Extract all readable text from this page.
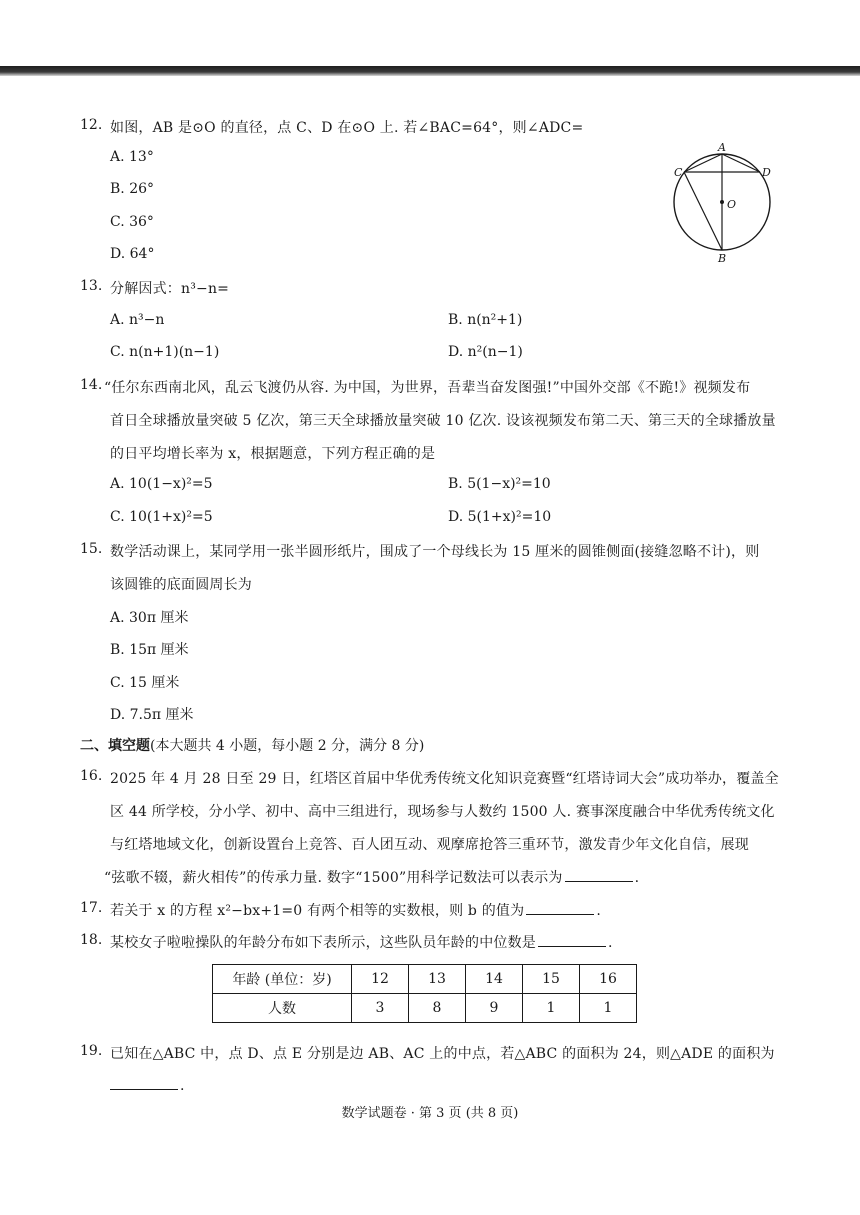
12. 如图，AB 是⊙O 的直径，点 C、D 在⊙O 上. 若∠BAC=64°，则∠ADC=
A. 13°
B. 26°
C. 36°
D. 64°
A
C	D
O
B
13. 分解因式：n³−n=
A. n³−n	B. n(n²+1)
C. n(n+1)(n−1)	D. n²(n−1)
14. “任尔东西南北风，乱云飞渡仍从容. 为中国，为世界，吾辈当奋发图强!”中国外交部《不跪!》视频发布
首日全球播放量突破 5 亿次，第三天全球播放量突破 10 亿次. 设该视频发布第二天、第三天的全球播放量
的日平均增长率为 x，根据题意，下列方程正确的是
A. 10(1−x)²=5	B. 5(1−x)²=10
C. 10(1+x)²=5	D. 5(1+x)²=10
15. 数学活动课上，某同学用一张半圆形纸片，围成了一个母线长为 15 厘米的圆锥侧面(接缝忽略不计)，则
该圆锥的底面圆周长为
A. 30π 厘米
B. 15π 厘米
C. 15 厘米
D. 7.5π 厘米
二、填空题(本大题共 4 小题，每小题 2 分，满分 8 分)
16. 2025 年 4 月 28 日至 29 日，红塔区首届中华优秀传统文化知识竞赛暨“红塔诗词大会”成功举办，覆盖全
区 44 所学校，分小学、初中、高中三组进行，现场参与人数约 1500 人. 赛事深度融合中华优秀传统文化
与红塔地域文化，创新设置台上竞答、百人团互动、观摩席抢答三重环节，激发青少年文化自信，展现
“弦歌不辍，薪火相传”的传承力量. 数字“1500”用科学记数法可以表示为	.
17. 若关于 x 的方程 x²−bx+1=0 有两个相等的实数根，则 b 的值为	.
18. 某校女子啦啦操队的年龄分布如下表所示，这些队员年龄的中位数是	.
年龄 (单位：岁)	12	13	14	15	16
人数	3	8	9	1	1
19. 已知在△ABC 中，点 D、点 E 分别是边 AB、AC 上的中点，若△ABC 的面积为 24，则△ADE 的面积为
.
数学试题卷 · 第 3 页 (共 8 页)
